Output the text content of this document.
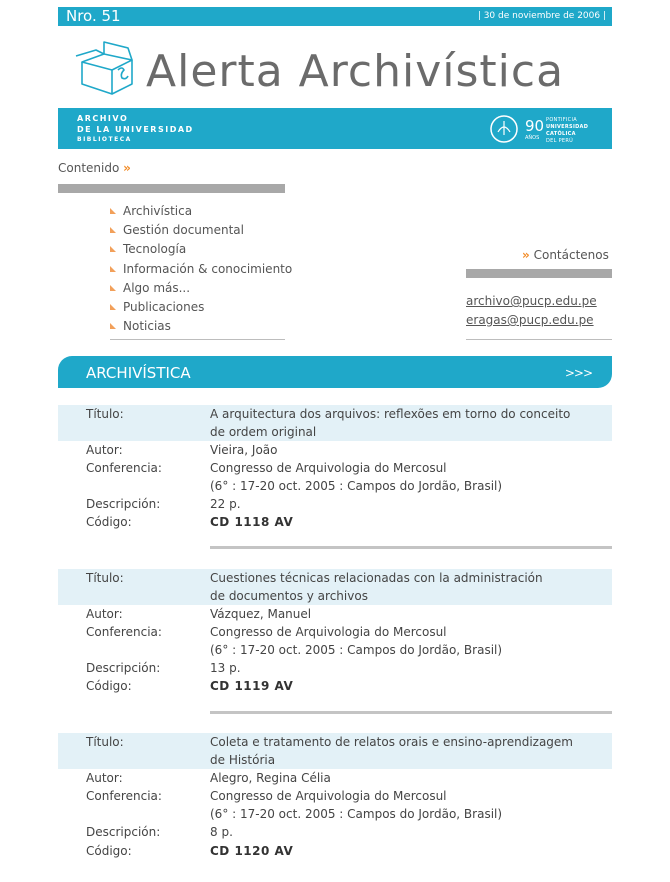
Nro. 51	| 30 de noviembre de 2006 |
Alerta Archivística
ARCHIVO
DE LA UNIVERSIDAD
BIBLIOTECA
90
AÑOS
PONTIFICIA
UNIVERSIDAD
CATÓLICA
DEL PERÚ
Contenido »
Archivística
Gestión documental
Tecnología
Información & conocimiento
Algo más...
Publicaciones
Noticias
» Contáctenos
archivo@pucp.edu.pe
eragas@pucp.edu.pe
ARCHIVÍSTICA	>>>
Título:	A arquitectura dos arquivos: reflexões em torno do conceito
de ordem original
Autor:	Vieira, João
Conferencia:	Congresso de Arquivologia do Mercosul
(6° : 17-20 oct. 2005 : Campos do Jordão, Brasil)
Descripción:	22 p.
Código:	CD 1118 AV
Título:	Cuestiones técnicas relacionadas con la administración
de documentos y archivos
Autor:	Vázquez, Manuel
Conferencia:	Congresso de Arquivologia do Mercosul
(6° : 17-20 oct. 2005 : Campos do Jordão, Brasil)
Descripción:	13 p.
Código:	CD 1119 AV
Título:	Coleta e tratamento de relatos orais e ensino-aprendizagem
de História
Autor:	Alegro, Regina Célia
Conferencia:	Congresso de Arquivologia do Mercosul
(6° : 17-20 oct. 2005 : Campos do Jordão, Brasil)
Descripción:	8 p.
Código:	CD 1120 AV
